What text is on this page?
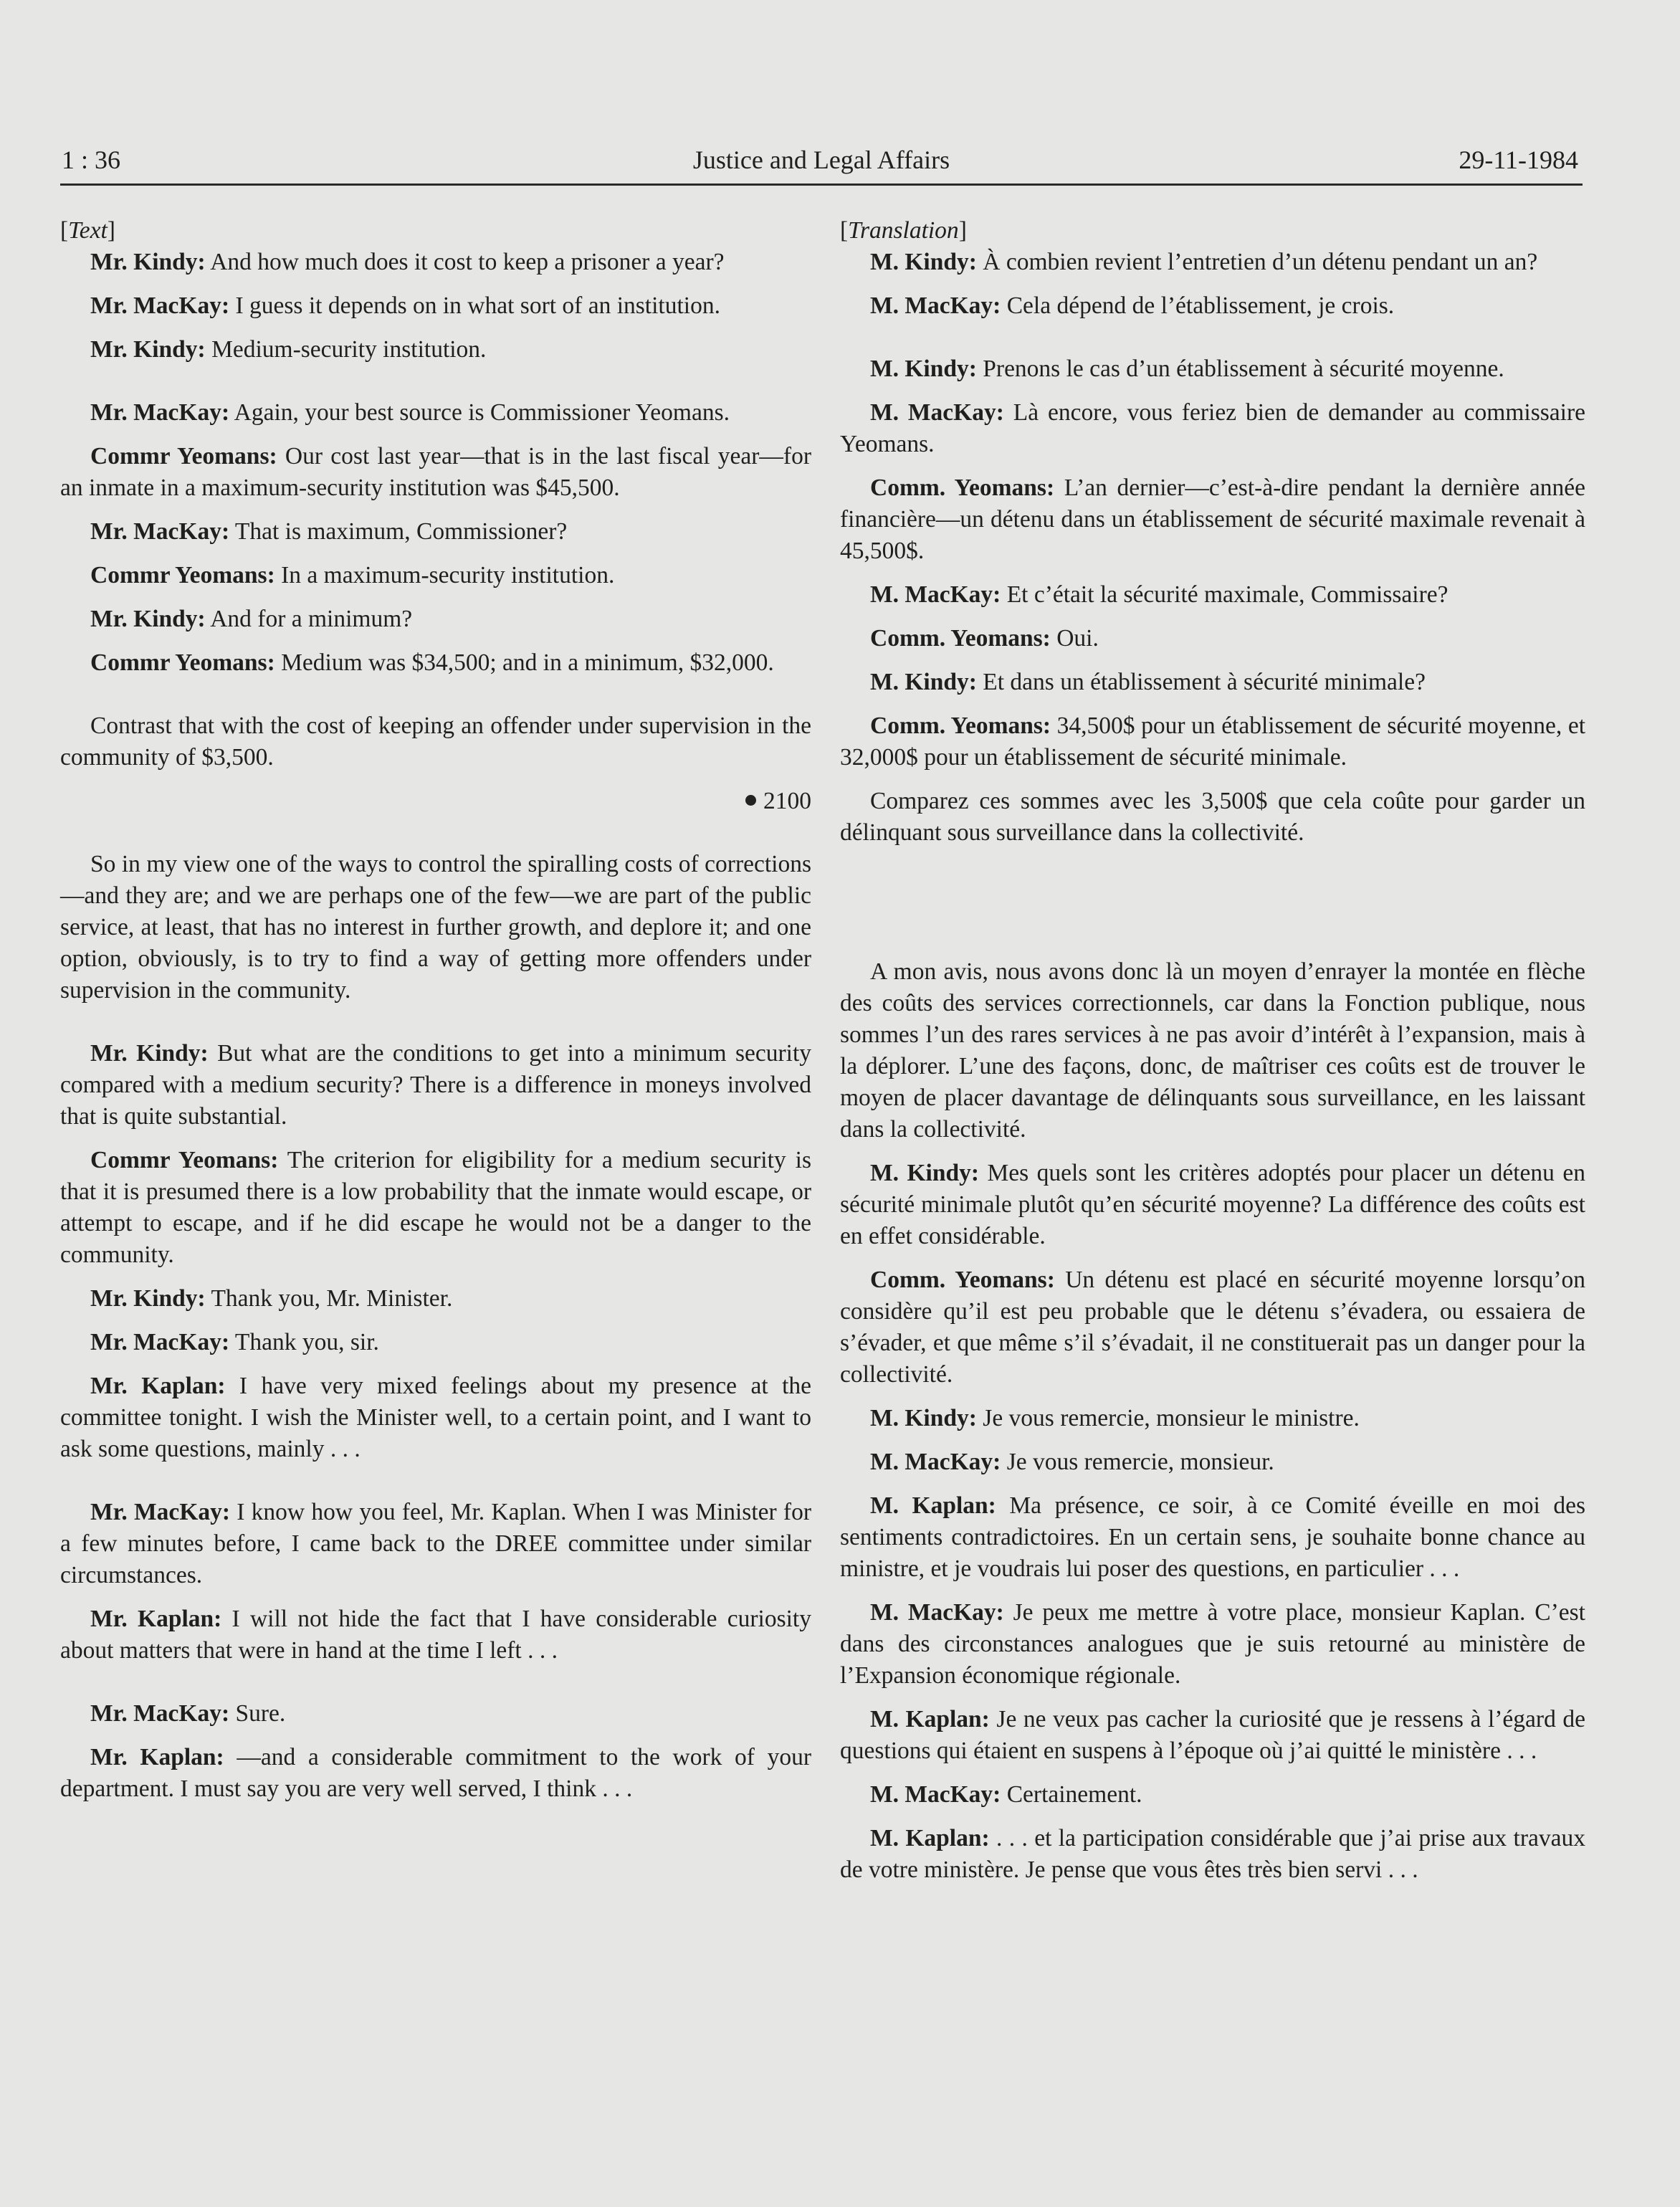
1 : 36	Justice and Legal Affairs	29-11-1984

[Text]

Mr. Kindy: And how much does it cost to keep a prisoner a year?

Mr. MacKay: I guess it depends on in what sort of an institution.

Mr. Kindy: Medium-security institution.

Mr. MacKay: Again, your best source is Commissioner Yeomans.

Commr Yeomans: Our cost last year—that is in the last fiscal year—for an inmate in a maximum-security institution was $45,500.

Mr. MacKay: That is maximum, Commissioner?

Commr Yeomans: In a maximum-security institution.

Mr. Kindy: And for a minimum?

Commr Yeomans: Medium was $34,500; and in a minimum, $32,000.

Contrast that with the cost of keeping an offender under supervision in the community of $3,500.

2100

So in my view one of the ways to control the spiralling costs of corrections—and they are; and we are perhaps one of the few—we are part of the public service, at least, that has no interest in further growth, and deplore it; and one option, obviously, is to try to find a way of getting more offenders under supervision in the community.

Mr. Kindy: But what are the conditions to get into a minimum security compared with a medium security? There is a difference in moneys involved that is quite substantial.

Commr Yeomans: The criterion for eligibility for a medium security is that it is presumed there is a low probability that the inmate would escape, or attempt to escape, and if he did escape he would not be a danger to the community.

Mr. Kindy: Thank you, Mr. Minister.

Mr. MacKay: Thank you, sir.

Mr. Kaplan: I have very mixed feelings about my presence at the committee tonight. I wish the Minister well, to a certain point, and I want to ask some questions, mainly . . .

Mr. MacKay: I know how you feel, Mr. Kaplan. When I was Minister for a few minutes before, I came back to the DREE committee under similar circumstances.

Mr. Kaplan: I will not hide the fact that I have considerable curiosity about matters that were in hand at the time I left . . .

Mr. MacKay: Sure.

Mr. Kaplan: —and a considerable commitment to the work of your department. I must say you are very well served, I think . . .

[Translation]

M. Kindy: À combien revient l’entretien d’un détenu pendant un an?

M. MacKay: Cela dépend de l’établissement, je crois.

M. Kindy: Prenons le cas d’un établissement à sécurité moyenne.

M. MacKay: Là encore, vous feriez bien de demander au commissaire Yeomans.

Comm. Yeomans: L’an dernier—c’est-à-dire pendant la dernière année financière—un détenu dans un établissement de sécurité maximale revenait à 45,500$.

M. MacKay: Et c’était la sécurité maximale, Commissaire?

Comm. Yeomans: Oui.

M. Kindy: Et dans un établissement à sécurité minimale?

Comm. Yeomans: 34,500$ pour un établissement de sécurité moyenne, et 32,000$ pour un établissement de sécurité minimale.

Comparez ces sommes avec les 3,500$ que cela coûte pour garder un délinquant sous surveillance dans la collectivité.

A mon avis, nous avons donc là un moyen d’enrayer la montée en flèche des coûts des services correctionnels, car dans la Fonction publique, nous sommes l’un des rares services à ne pas avoir d’intérêt à l’expansion, mais à la déplorer. L’une des façons, donc, de maîtriser ces coûts est de trouver le moyen de placer davantage de délinquants sous surveillance, en les laissant dans la collectivité.

M. Kindy: Mes quels sont les critères adoptés pour placer un détenu en sécurité minimale plutôt qu’en sécurité moyenne? La différence des coûts est en effet considérable.

Comm. Yeomans: Un détenu est placé en sécurité moyenne lorsqu’on considère qu’il est peu probable que le détenu s’évadera, ou essaiera de s’évader, et que même s’il s’évadait, il ne constituerait pas un danger pour la collectivité.

M. Kindy: Je vous remercie, monsieur le ministre.

M. MacKay: Je vous remercie, monsieur.

M. Kaplan: Ma présence, ce soir, à ce Comité éveille en moi des sentiments contradictoires. En un certain sens, je souhaite bonne chance au ministre, et je voudrais lui poser des questions, en particulier . . .

M. MacKay: Je peux me mettre à votre place, monsieur Kaplan. C’est dans des circonstances analogues que je suis retourné au ministère de l’Expansion économique régionale.

M. Kaplan: Je ne veux pas cacher la curiosité que je ressens à l’égard de questions qui étaient en suspens à l’époque où j’ai quitté le ministère . . .

M. MacKay: Certainement.

M. Kaplan: . . . et la participation considérable que j’ai prise aux travaux de votre ministère. Je pense que vous êtes très bien servi . . .
